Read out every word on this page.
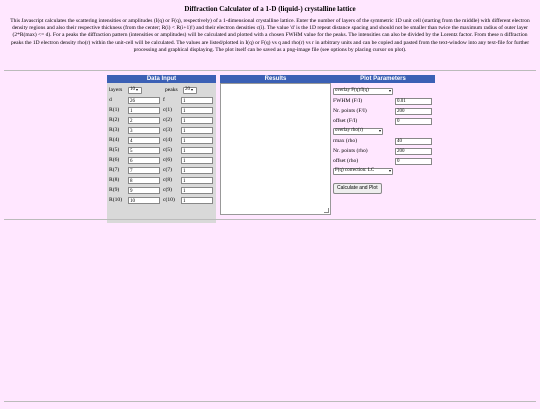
Diffraction Calculator of a 1-D (liquid-) crystalline lattice
This Javascript calculates the scattering intensities or amplitudes (I(q) or F(q), respectively) of a 1-dimensional crystalline lattice. Enter the number of layers of the symmetric 1D unit cell (starting from the middle) with different electron density regions and also their respective thickness (from the center; R(i) < R(i+1)!) and their electron densities c(i). The value 'd' is the 1D repeat distance spacing and should not be smaller than twice the maximum radius of outer layer (2*R(max) <= d). For a peaks the diffraction pattern (intensities or amplitudes) will be calculated and plotted with a chosen FWHM value for the peaks. The intensities can also be divided by the Lorentz factor. From these n diffraction peaks the 1D electron density rho(r) within the unit-cell will be calculated. The values are listed/plotted in I(q) or F(q) vs q and rho(r) vs r in arbitrary units and can be copied and pasted from the text-window into any text-file for further processing and graphical displaying. The plot itself can be saved as a png-image file (see options by placing cursor on plot).
Data Input
layers	10 ▾	peaks	20 ▾
d	26	f	1
R(1)	1	c(1)	1
R(2)	2	c(2)	1
R(3)	3	c(3)	1
R(4)	4	c(4)	1
R(5)	5	c(5)	1
R(6)	6	c(6)	1
R(7)	7	c(7)	1
R(8)	8	c(8)	1
R(9)	9	c(9)	1
R(10)	10	c(10)	1
Results	Plot Parameters
overlay F(q)/I(q)	▾
FWHM (F/I)	0.01
Nr. points (F/I)	200
offset (F/I)	0
overlay rho(r)	▾
rmax (rho)	40
Nr. points (rho)	200
offset (rho)	0
F(q) correction: LC	▾
Calculate and Plot
